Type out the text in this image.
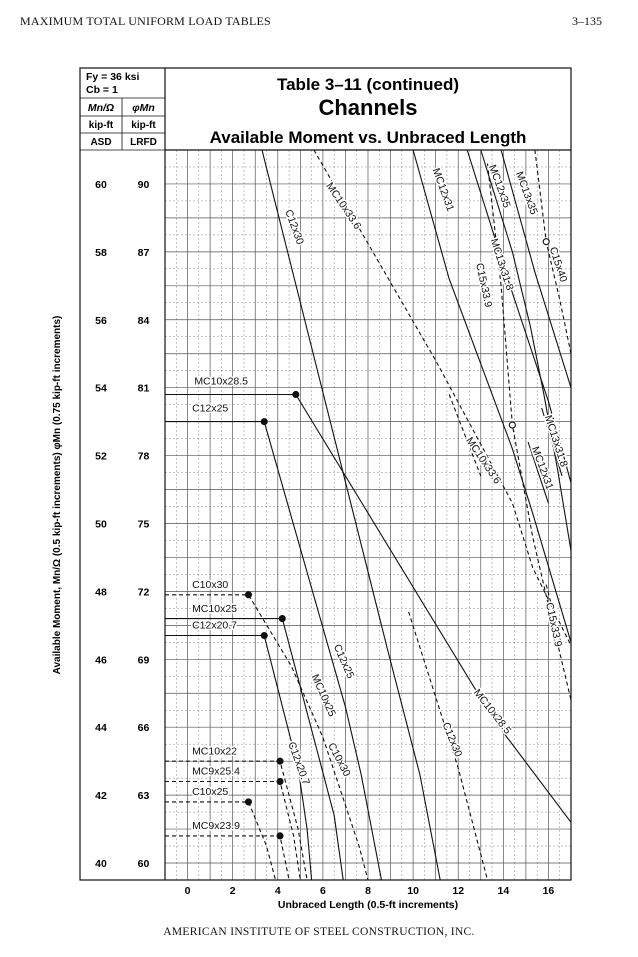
MAXIMUM TOTAL UNIFORM LOAD TABLES	3–135
AMERICAN INSTITUTE OF STEEL CONSTRUCTION, INC.
MC10x28.5
C12x25
C10x30
MC10x25
C12x20.7
C12x30
C12x30
MC10x33.6
MC10x33.6
MC12x31
MC12x31
MC12x35 MC13x35
MC13x31.8
MC13x31.8
C15x40
C15x33.9
C15x33.9
MC10x28.5
C12x25
C10x30
MC10x25
C12x20.7
MC10x22
MC9x25.4
C10x25
MC9x23.9
Fy = 36 ksi
Cb = 1
Mn/Ω φMn
kip-ft kip-ft
ASD LRFD
Table 3–11 (continued)
Channels
Available Moment vs. Unbraced Length
60	90
58	87
56	84
54	81
52	78
50	75
48	72
46	69
44	66
42	63
40	60
0	2	4	6	8	10	12	14	16
Unbraced Length (0.5-ft increments)
Available Moment, Mn/Ω (0.5 kip-ft increments) φMn (0.75 kip-ft increments)
